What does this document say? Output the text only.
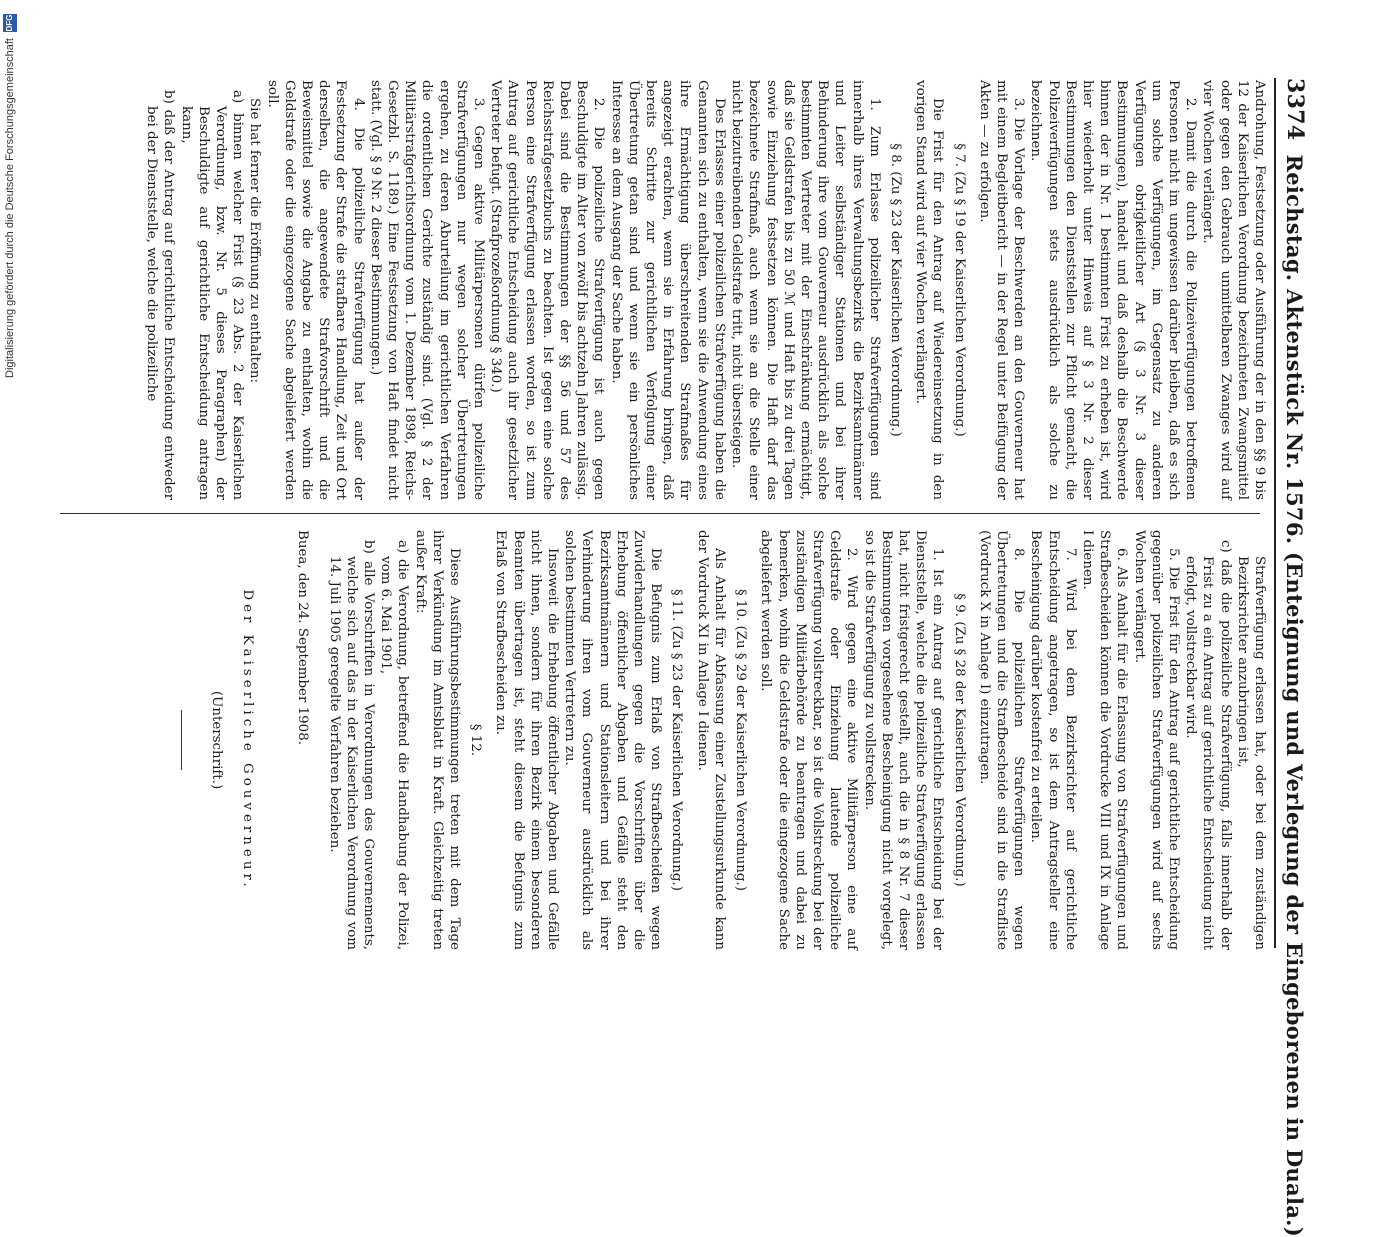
3374
Reichstag. Aktenstück Nr. 1576. (Enteignung und Verlegung der Eingeborenen in Duala.)

Androhung, Festsetzung oder Ausführung der in den §§ 9 bis 12 der Kaiserlichen Verordnung bezeichneten Zwangsmittel oder gegen den Gebrauch unmittelbaren Zwanges wird auf vier Wochen verlängert.

2. Damit die durch die Polizeiverfügungen betroffenen Personen nicht im ungewissen darüber bleiben, daß es sich um solche Verfügungen, im Gegensatz zu anderen Verfügungen obrigkeitlicher Art (§ 3 Nr. 3 dieser Bestimmungen), handelt und daß deshalb die Beschwerde binnen der in Nr. 1 bestimmten Frist zu erheben ist, wird hier wiederholt unter Hinweis auf § 3 Nr. 2 dieser Bestimmungen den Dienststellen zur Pflicht gemacht, die Polizeiverfügungen stets ausdrücklich als solche zu bezeichnen.

3. Die Vorlage der Beschwerden an den Gouverneur hat mit einem Begleitbericht — in der Regel unter Beifügung der Akten — zu erfolgen.

§ 7. (Zu § 19 der Kaiserlichen Verordnung.)

Die Frist für den Antrag auf Wiedereinsetzung in den vorigen Stand wird auf vier Wochen verlängert.

§ 8. (Zu § 23 der Kaiserlichen Verordnung.)

1. Zum Erlasse polizeilicher Strafverfügungen sind innerhalb ihres Verwaltungsbezirks die Bezirksamtmänner und Leiter selbständiger Stationen und bei ihrer Behinderung ihre vom Gouverneur ausdrücklich als solche bestimmten Vertreter mit der Einschränkung ermächtigt, daß sie Geldstrafen bis zu 50 ℳ und Haft bis zu drei Tagen sowie Einziehung festsetzen können. Die Haft darf das bezeichnete Strafmaß, auch wenn sie an die Stelle einer nicht beizutreibenden Geldstrafe tritt, nicht übersteigen.

Des Erlasses einer polizeilichen Strafverfügung haben die Genannten sich zu enthalten, wenn sie die Anwendung eines ihre Ermächtigung überschreitenden Strafmaßes für angezeigt erachten, wenn sie in Erfahrung bringen, daß bereits Schritte zur gerichtlichen Verfolgung einer Übertretung getan sind und wenn sie ein persönliches Interesse an dem Ausgang der Sache haben.

2. Die polizeiliche Strafverfügung ist auch gegen Beschuldigte im Alter von zwölf bis achtzehn Jahren zulässig. Dabei sind die Bestimmungen der §§ 56 und 57 des Reichsstrafgesetzbuchs zu beachten. Ist gegen eine solche Person eine Strafverfügung erlassen worden, so ist zum Antrag auf gerichtliche Entscheidung auch ihr gesetzlicher Vertreter befugt. (Strafprozeßordnung § 340.)

3. Gegen aktive Militärpersonen dürfen polizeiliche Strafverfügungen nur wegen solcher Übertretungen ergehen, zu deren Aburteilung im gerichtlichen Verfahren die ordentlichen Gerichte zuständig sind. (Vgl. § 2 der Militärstrafgerichtsordnung vom 1. Dezember 1898, Reichs-Gesetzbl. S. 1189.) Eine Festsetzung von Haft findet nicht statt. (Vgl. § 9 Nr. 2 dieser Bestimmungen.)

4. Die polizeiliche Strafverfügung hat außer der Festsetzung der Strafe die strafbare Handlung, Zeit und Ort derselben, die angewendete Strafvorschrift und die Beweismittel sowie die Angabe zu enthalten, wohin die Geldstrafe oder die eingezogene Sache abgeliefert werden soll.

Sie hat ferner die Eröffnung zu enthalten:

a) binnen welcher Frist (§ 23 Abs. 2 der Kaiserlichen Verordnung, bzw. Nr. 5 dieses Paragraphen) der Beschuldigte auf gerichtliche Entscheidung antragen kann,

b) daß der Antrag auf gerichtliche Entscheidung entweder bei der Dienststelle, welche die polizeiliche

Strafverfügung erlassen hat, oder bei dem zuständigen Bezirksrichter anzubringen ist,

c) daß die polizeiliche Strafverfügung, falls innerhalb der Frist zu a ein Antrag auf gerichtliche Entscheidung nicht erfolgt, vollstreckbar wird.

5. Die Frist für den Antrag auf gerichtliche Entscheidung gegenüber polizeilichen Strafverfügungen wird auf sechs Wochen verlängert.

6. Als Anhalt für die Erlassung von Strafverfügungen und Strafbescheiden können die Vordrucke VIII und IX in Anlage I dienen.

7. Wird bei dem Bezirksrichter auf gerichtliche Entscheidung angetragen, so ist dem Antragsteller eine Bescheinigung darüber kostenfrei zu erteilen.

8. Die polizeilichen Strafverfügungen wegen Übertretungen und die Strafbescheide sind in die Strafliste (Vordruck X in Anlage I) einzutragen.

§ 9. (Zu § 28 der Kaiserlichen Verordnung.)

1. Ist ein Antrag auf gerichtliche Entscheidung bei der Dienststelle, welche die polizeiliche Strafverfügung erlassen hat, nicht fristgerecht gestellt, auch die in § 8 Nr. 7 dieser Bestimmungen vorgesehene Bescheinigung nicht vorgelegt, so ist die Strafverfügung zu vollstrecken.

2. Wird gegen eine aktive Militärperson eine auf Geldstrafe oder Einziehung lautende polizeiliche Strafverfügung vollstreckbar, so ist die Vollstreckung bei der zuständigen Militärbehörde zu beantragen und dabei zu bemerken, wohin die Geldstrafe oder die eingezogene Sache abgeliefert werden soll.

§ 10. (Zu § 29 der Kaiserlichen Verordnung.)

Als Anhalt für Abfassung einer Zustellungsurkunde kann der Vordruck XI in Anlage I dienen.

§ 11. (Zu § 23 der Kaiserlichen Verordnung.)

Die Befugnis zum Erlaß von Strafbescheiden wegen Zuwiderhandlungen gegen die Vorschriften über die Erhebung öffentlicher Abgaben und Gefälle steht den Bezirksamtmännern und Stationsleitern und bei ihrer Verhinderung ihren vom Gouverneur ausdrücklich als solchen bestimmten Vertretern zu.

Insoweit die Erhebung öffentlicher Abgaben und Gefälle nicht ihnen, sondern für ihren Bezirk einem besonderen Beamten übertragen ist, steht diesem die Befugnis zum Erlaß von Strafbescheiden zu.

§ 12.

Diese Ausführungsbestimmungen treten mit dem Tage ihrer Verkündung im Amtsblatt in Kraft. Gleichzeitig treten außer Kraft:

a) die Verordnung, betreffend die Handhabung der Polizei, vom 6. Mai 1901,

b) alle Vorschriften in Verordnungen des Gouvernements, welche sich auf das in der Kaiserlichen Verordnung vom 14. Juli 1905 geregelte Verfahren beziehen.

Buea, den 24. September 1908.

Der Kaiserliche Gouverneur.

(Unterschrift.)

Digitalisierung gefördert durch die Deutsche Forschungsgemeinschaft
DFG
